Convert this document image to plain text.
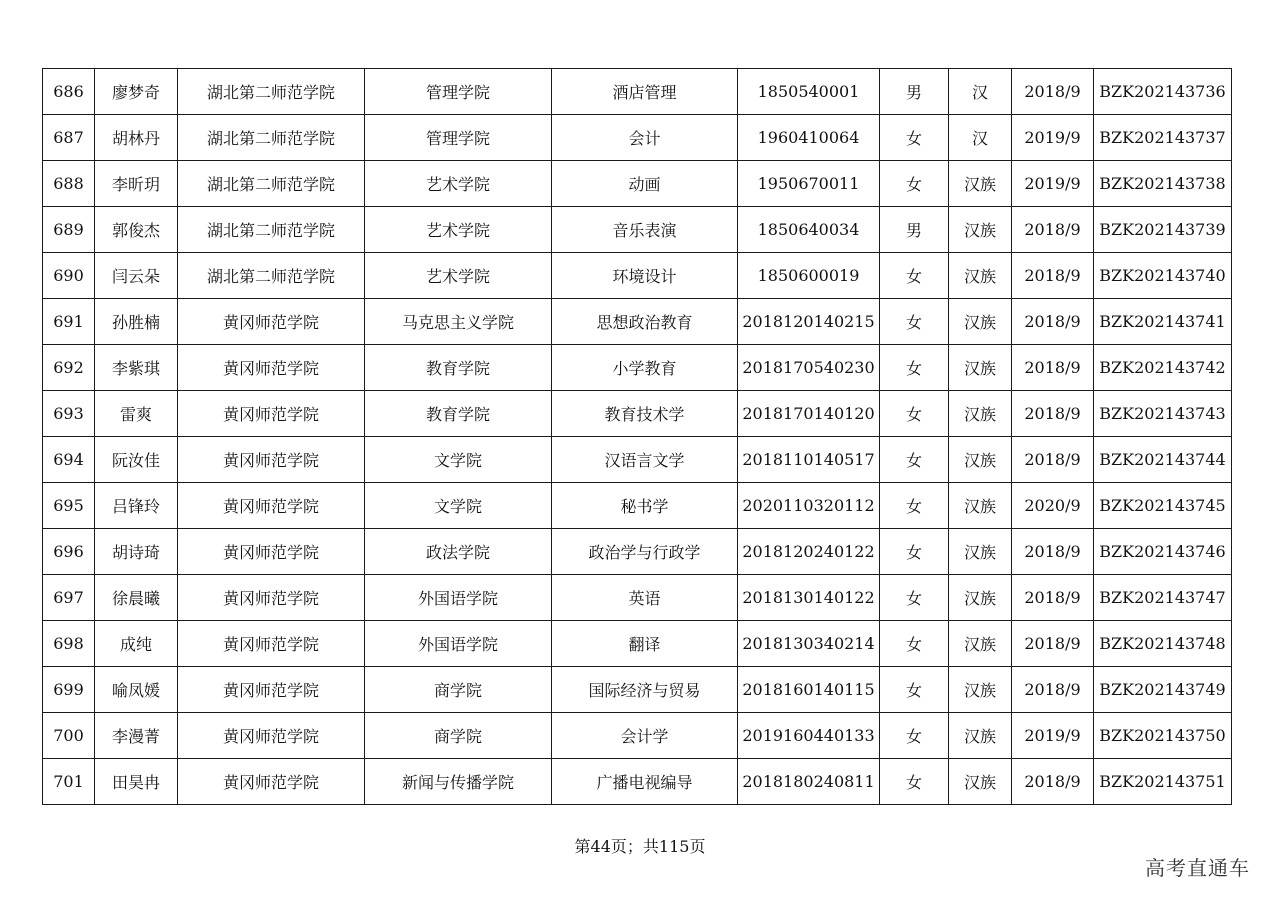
686	廖梦奇	湖北第二师范学院	管理学院	酒店管理	1850540001	男	汉	2018/9	BZK202143736
687	胡林丹	湖北第二师范学院	管理学院	会计	1960410064	女	汉	2019/9	BZK202143737
688	李昕玥	湖北第二师范学院	艺术学院	动画	1950670011	女	汉族	2019/9	BZK202143738
689	郭俊杰	湖北第二师范学院	艺术学院	音乐表演	1850640034	男	汉族	2018/9	BZK202143739
690	闫云朵	湖北第二师范学院	艺术学院	环境设计	1850600019	女	汉族	2018/9	BZK202143740
691	孙胜楠	黄冈师范学院	马克思主义学院	思想政治教育	2018120140215	女	汉族	2018/9	BZK202143741
692	李紫琪	黄冈师范学院	教育学院	小学教育	2018170540230	女	汉族	2018/9	BZK202143742
693	雷爽	黄冈师范学院	教育学院	教育技术学	2018170140120	女	汉族	2018/9	BZK202143743
694	阮汝佳	黄冈师范学院	文学院	汉语言文学	2018110140517	女	汉族	2018/9	BZK202143744
695	吕锋玲	黄冈师范学院	文学院	秘书学	2020110320112	女	汉族	2020/9	BZK202143745
696	胡诗琦	黄冈师范学院	政法学院	政治学与行政学	2018120240122	女	汉族	2018/9	BZK202143746
697	徐晨曦	黄冈师范学院	外国语学院	英语	2018130140122	女	汉族	2018/9	BZK202143747
698	成纯	黄冈师范学院	外国语学院	翻译	2018130340214	女	汉族	2018/9	BZK202143748
699	喻凤媛	黄冈师范学院	商学院	国际经济与贸易	2018160140115	女	汉族	2018/9	BZK202143749
700	李漫菁	黄冈师范学院	商学院	会计学	2019160440133	女	汉族	2019/9	BZK202143750
701	田昊冉	黄冈师范学院	新闻与传播学院	广播电视编导	2018180240811	女	汉族	2018/9	BZK202143751
第44页；共115页
高考直通车
